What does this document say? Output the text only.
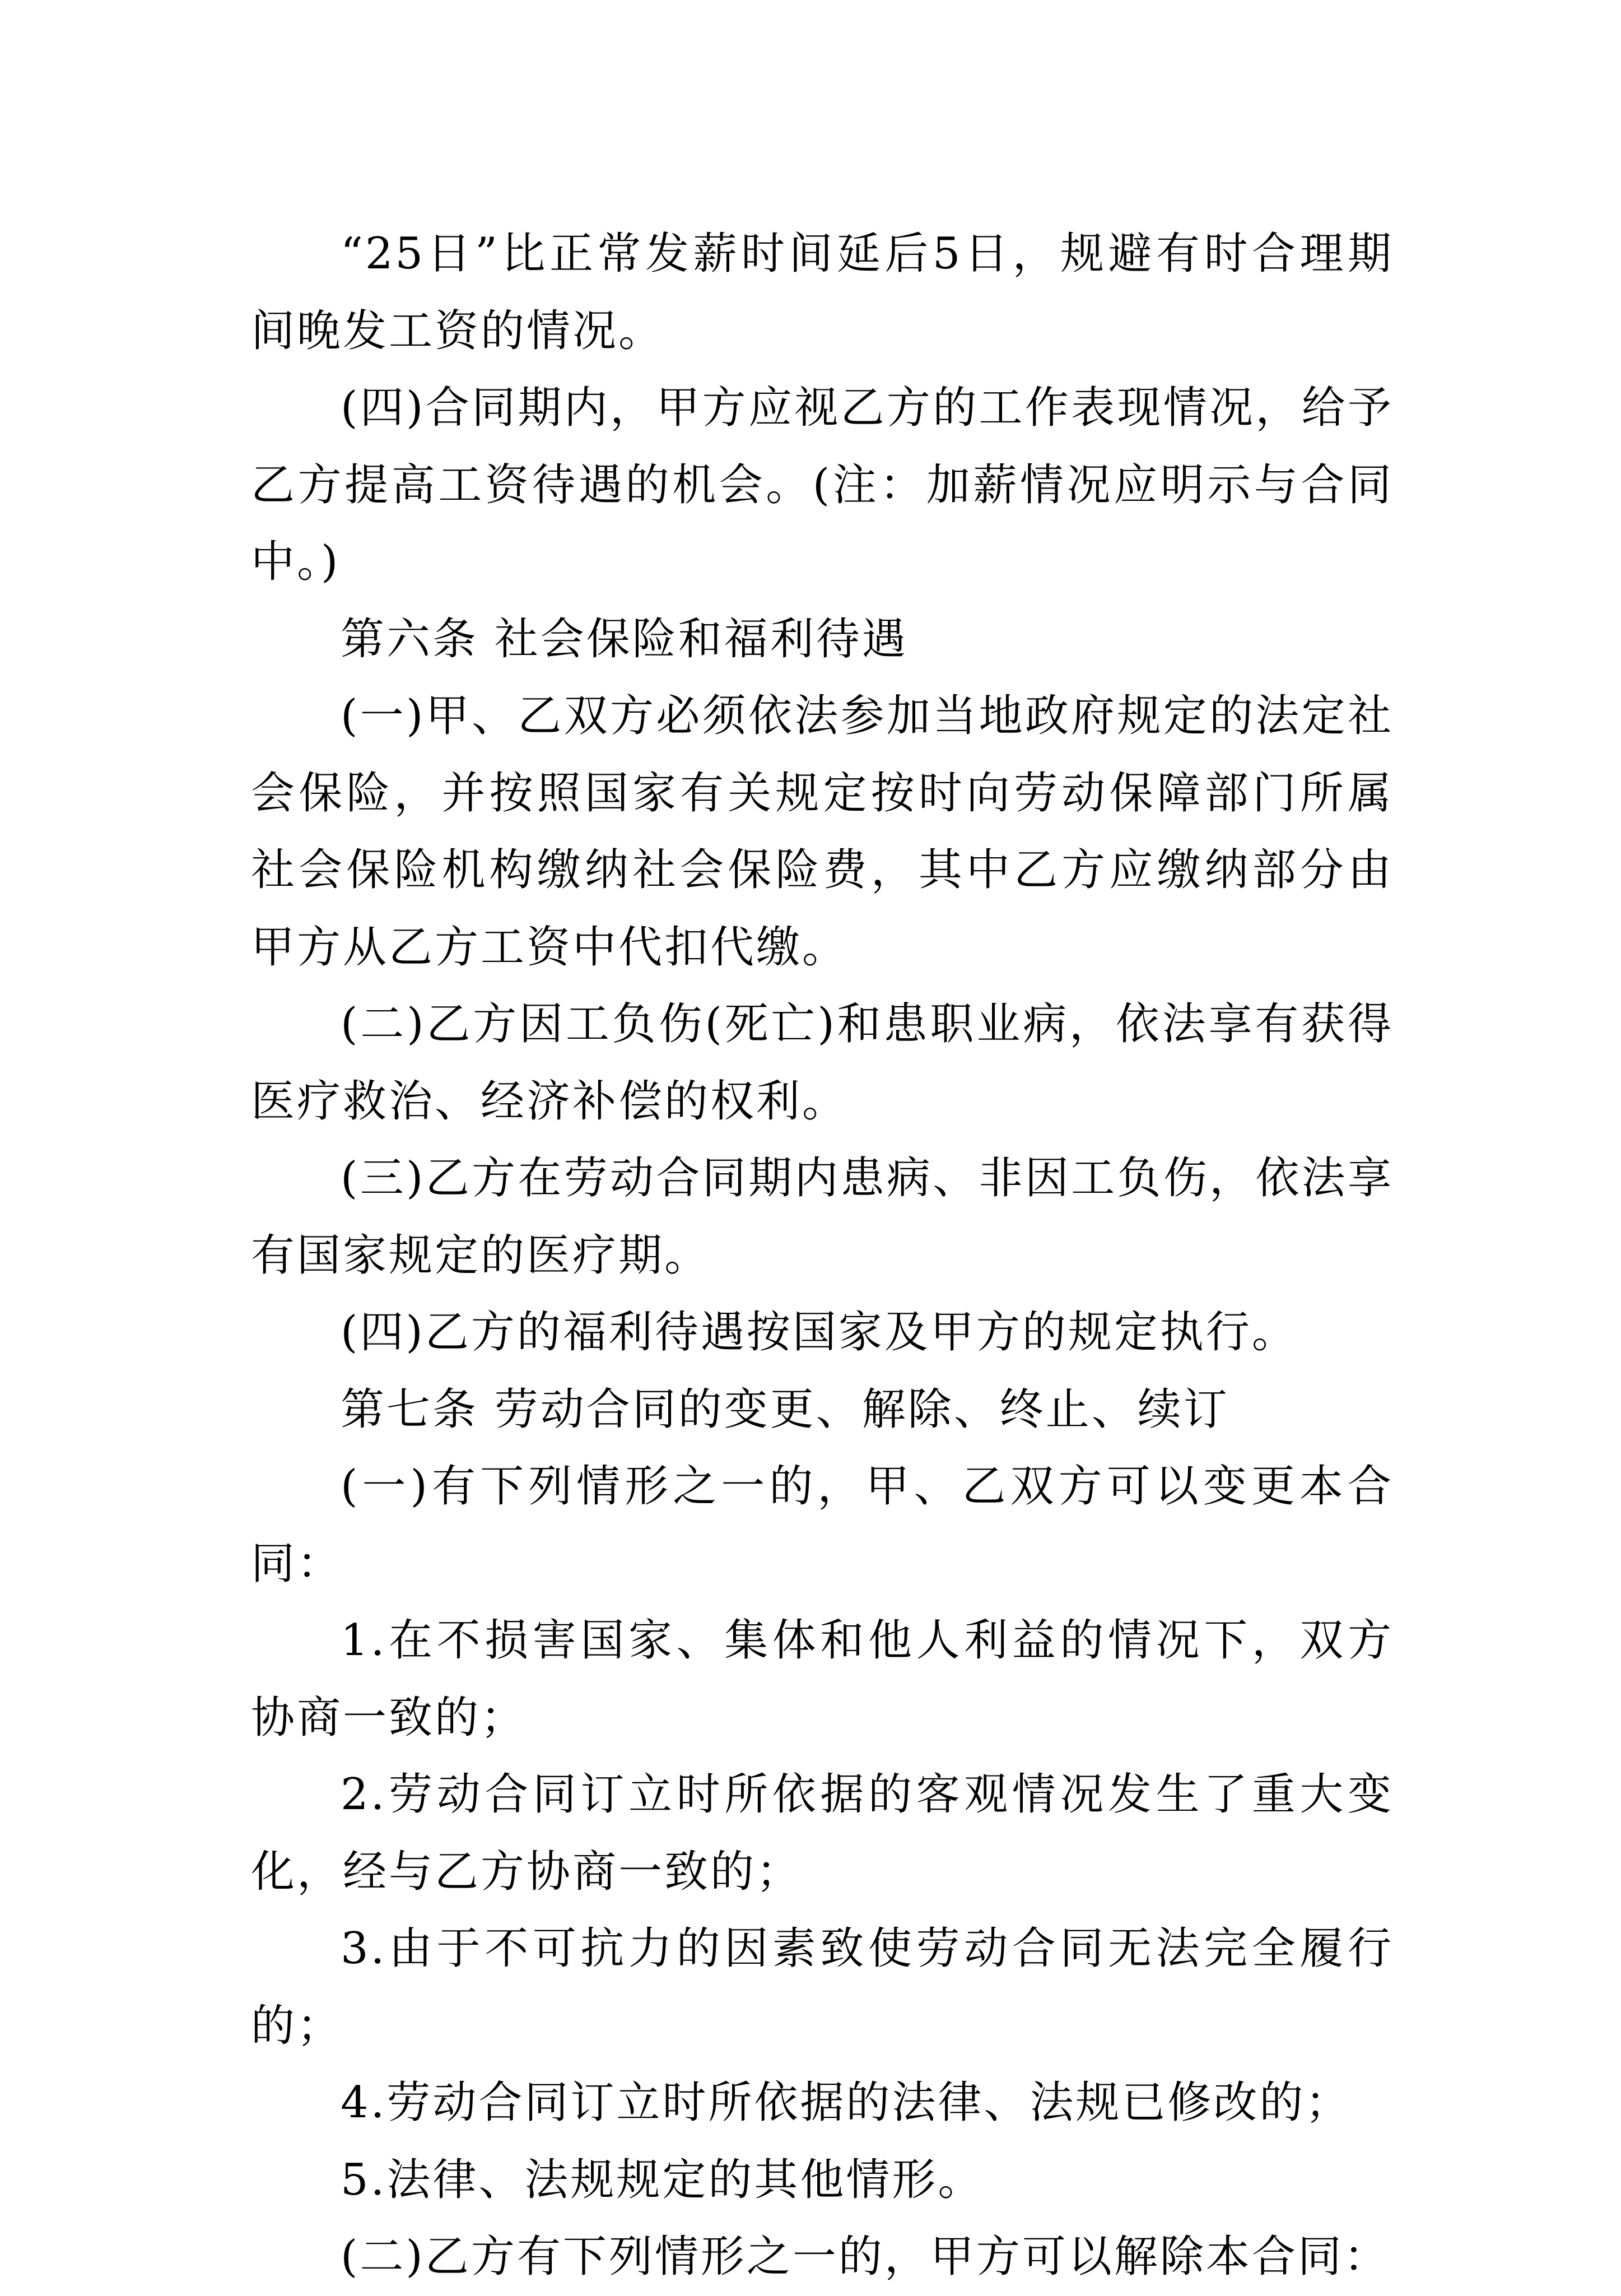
“25日”比正常发薪时间延后5日，规避有时合理期间晚发工资的情况。

(四)合同期内，甲方应视乙方的工作表现情况，给予乙方提高工资待遇的机会。(注：加薪情况应明示与合同中。)

第六条 社会保险和福利待遇

(一)甲、乙双方必须依法参加当地政府规定的法定社会保险，并按照国家有关规定按时向劳动保障部门所属社会保险机构缴纳社会保险费，其中乙方应缴纳部分由甲方从乙方工资中代扣代缴。

(二)乙方因工负伤(死亡)和患职业病，依法享有获得医疗救治、经济补偿的权利。

(三)乙方在劳动合同期内患病、非因工负伤，依法享有国家规定的医疗期。

(四)乙方的福利待遇按国家及甲方的规定执行。

第七条 劳动合同的变更、解除、终止、续订

(一)有下列情形之一的，甲、乙双方可以变更本合同：

1.在不损害国家、集体和他人利益的情况下，双方协商一致的；

2.劳动合同订立时所依据的客观情况发生了重大变化，经与乙方协商一致的；

3.由于不可抗力的因素致使劳动合同无法完全履行的；

4.劳动合同订立时所依据的法律、法规已修改的；

5.法律、法规规定的其他情形。

(二)乙方有下列情形之一的，甲方可以解除本合同：
